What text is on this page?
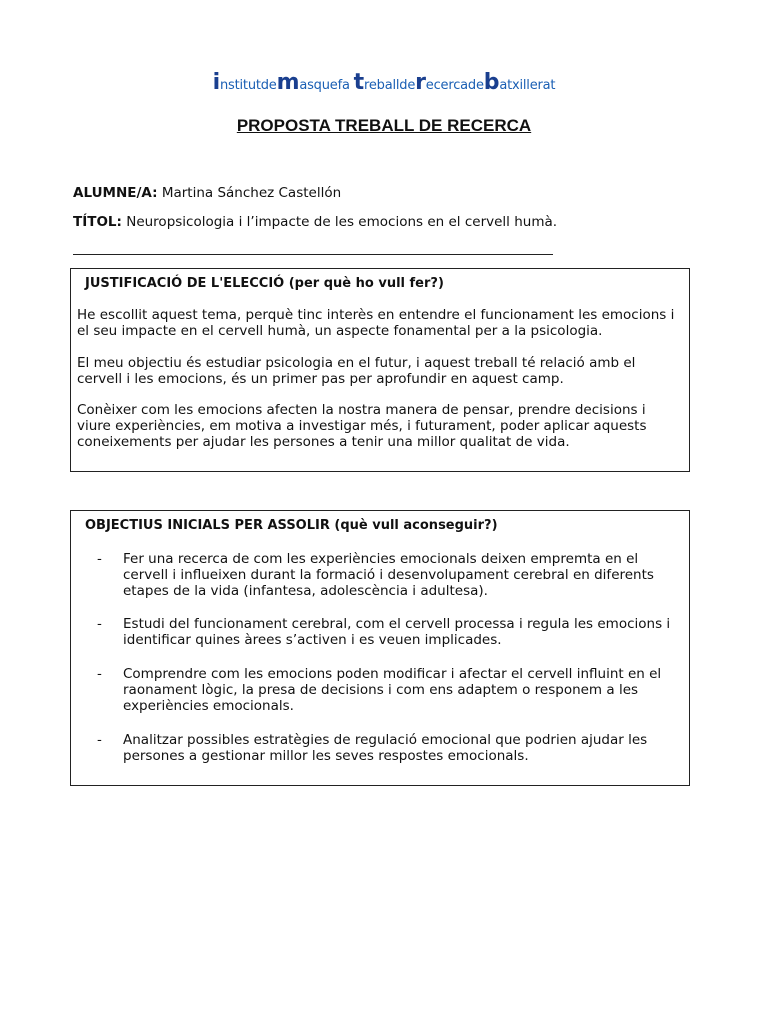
institutdemasquefa treballderecercadebatxillerat
PROPOSTA TREBALL DE RECERCA
ALUMNE/A: Martina Sánchez Castellón
TÍTOL: Neuropsicologia i l’impacte de les emocions en el cervell humà.
JUSTIFICACIÓ DE L'ELECCIÓ (per què ho vull fer?)

He escollit aquest tema, perquè tinc interès en entendre el funcionament les emocions i el seu impacte en el cervell humà, un aspecte fonamental per a la psicologia.

El meu objectiu és estudiar psicologia en el futur, i aquest treball té relació amb el cervell i les emocions, és un primer pas per aprofundir en aquest camp.

Conèixer com les emocions afecten la nostra manera de pensar, prendre decisions i viure experiències, em motiva a investigar més, i futurament, poder aplicar aquests coneixements per ajudar les persones a tenir una millor qualitat de vida.

OBJECTIUS INICIALS PER ASSOLIR (què vull aconseguir?)
- Fer una recerca de com les experiències emocionals deixen empremta en el cervell i influeixen durant la formació i desenvolupament cerebral en diferents etapes de la vida (infantesa, adolescència i adultesa).
- Estudi del funcionament cerebral, com el cervell processa i regula les emocions i identificar quines àrees s’activen i es veuen implicades.
- Comprendre com les emocions poden modificar i afectar el cervell influint en el raonament lògic, la presa de decisions i com ens adaptem o responem a les experiències emocionals.
- Analitzar possibles estratègies de regulació emocional que podrien ajudar les persones a gestionar millor les seves respostes emocionals.
